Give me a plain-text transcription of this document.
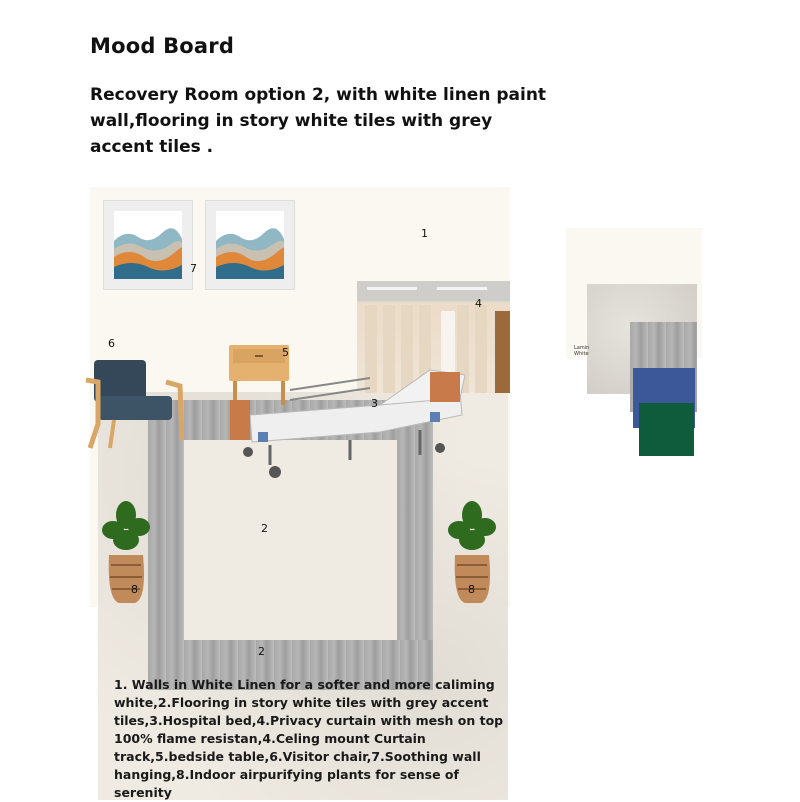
Mood Board
Recovery Room option 2, with white linen paint wall,flooring in story white tiles with grey accent tiles .
1
2
2
7
4
5
6
3
8	8
Lamin White
1. Walls in White Linen for a softer and more caliming white,2.Flooring in story white tiles with grey accent tiles,3.Hospital bed,4.Privacy curtain with mesh on top 100% flame resistan,4.Celing mount Curtain track,5.bedside table,6.Visitor chair,7.Soothing wall hanging,8.Indoor airpurifying plants for sense of serenity
